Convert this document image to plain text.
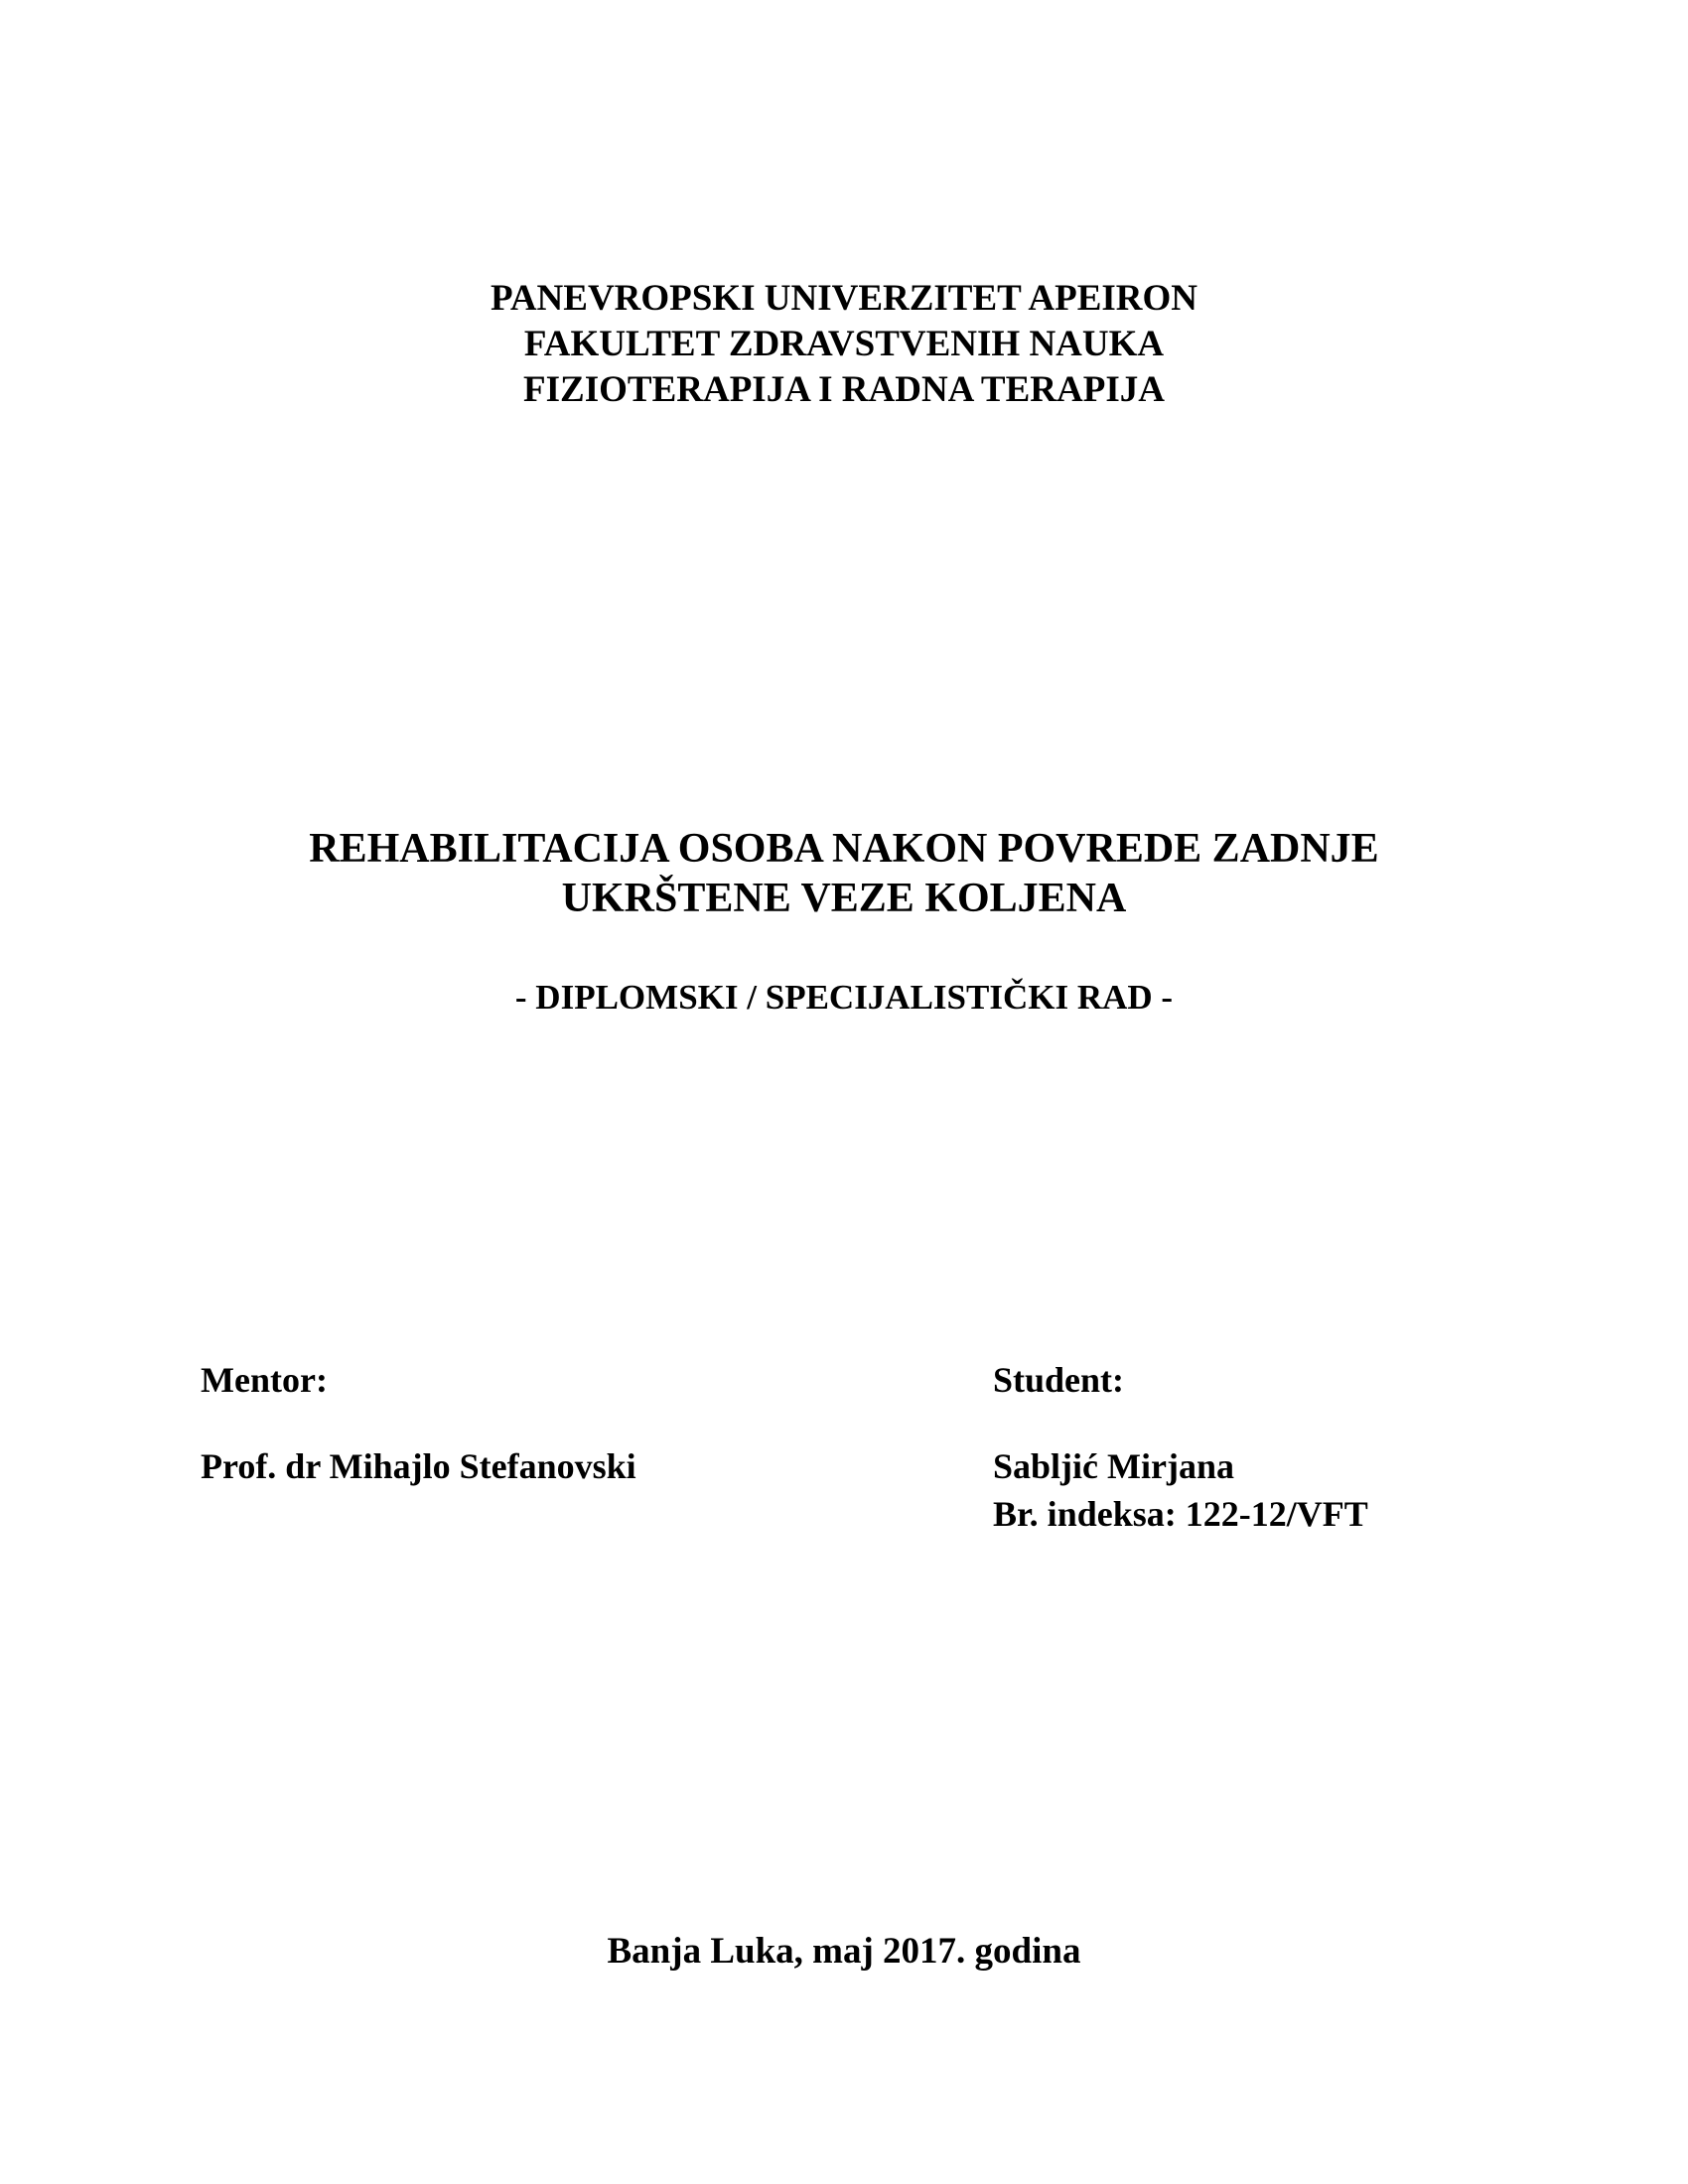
PANEVROPSKI UNIVERZITET APEIRON
FAKULTET ZDRAVSTVENIH NAUKA
FIZIOTERAPIJA I RADNA TERAPIJA
REHABILITACIJA OSOBA NAKON POVREDE ZADNJE
UKRŠTENE VEZE KOLJENA
- DIPLOMSKI / SPECIJALISTIČKI RAD -
Mentor:
Prof. dr Mihajlo Stefanovski
Student:
Sabljić Mirjana
Br. indeksa: 122-12/VFT
Banja Luka, maj 2017. godina
